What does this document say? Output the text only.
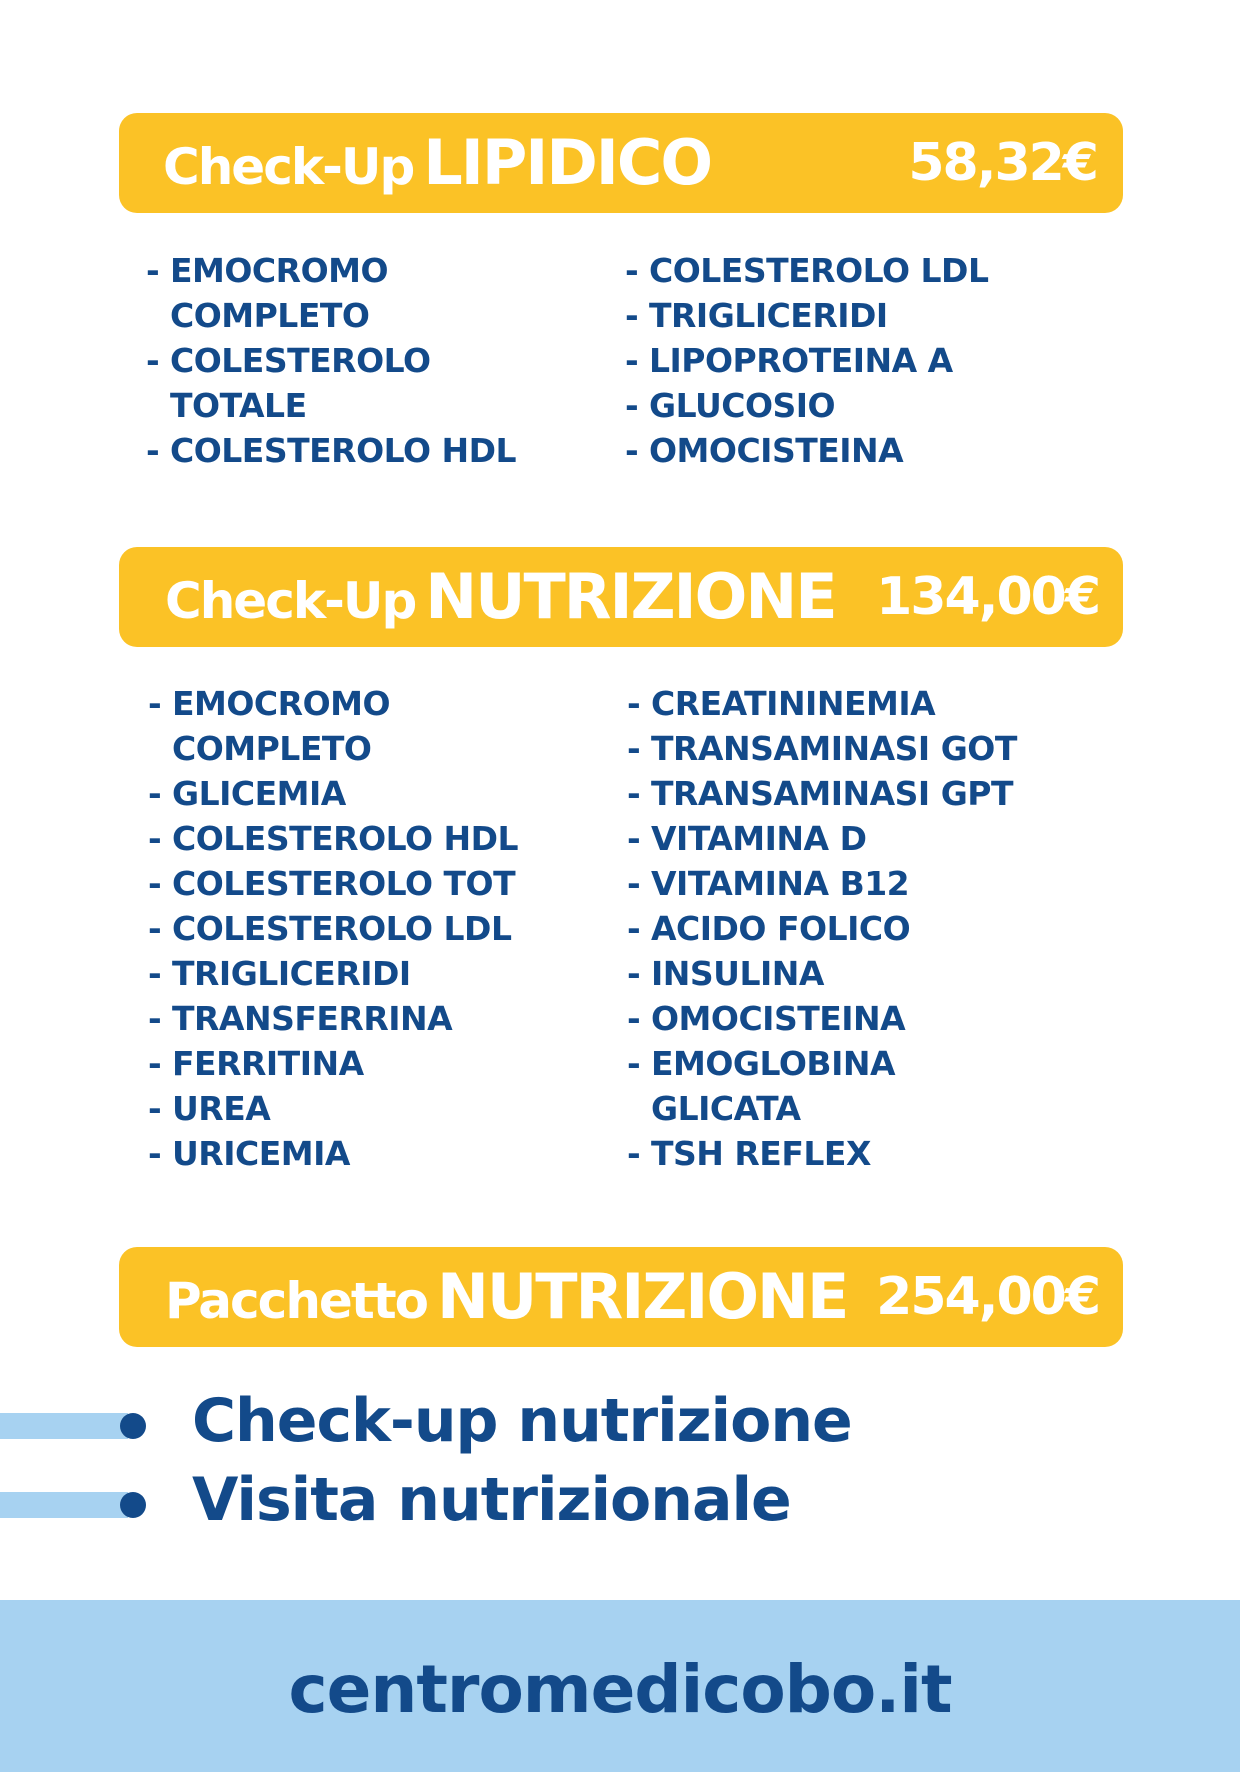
Check-Up LIPIDICO	58,32€
- EMOCROMO
COMPLETO
- COLESTEROLO
TOTALE
- COLESTEROLO HDL
- COLESTEROLO LDL
- TRIGLICERIDI
- LIPOPROTEINA A
- GLUCOSIO
- OMOCISTEINA
Check-Up NUTRIZIONE 134,00€
- EMOCROMO
COMPLETO
- GLICEMIA
- COLESTEROLO HDL
- COLESTEROLO TOT
- COLESTEROLO LDL
- TRIGLICERIDI
- TRANSFERRINA
- FERRITINA
- UREA
- URICEMIA
- CREATININEMIA
- TRANSAMINASI GOT
- TRANSAMINASI GPT
- VITAMINA D
- VITAMINA B12
- ACIDO FOLICO
- INSULINA
- OMOCISTEINA
- EMOGLOBINA
GLICATA
- TSH REFLEX
Pacchetto NUTRIZIONE 254,00€
Check-up nutrizione
Visita nutrizionale
centromedicobo.it
